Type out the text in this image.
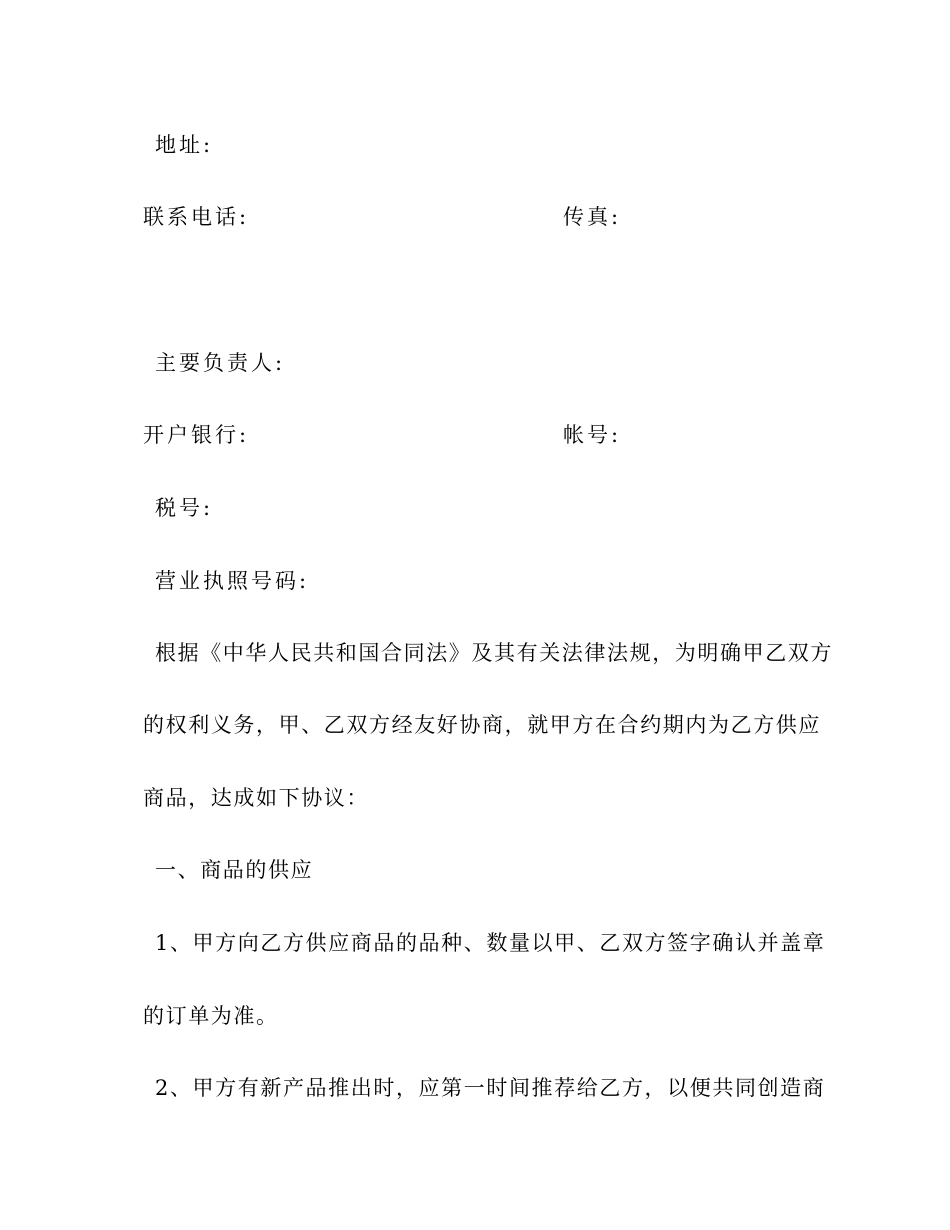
地址:
联系电话:	传真:
主要负责人:
开户银行:	帐号:
税号:
营业执照号码:
根据《中华人民共和国合同法》及其有关法律法规，为明确甲乙双方
的权利义务，甲、乙双方经友好协商，就甲方在合约期内为乙方供应
商品，达成如下协议：
一、商品的供应
1、甲方向乙方供应商品的品种、数量以甲、乙双方签字确认并盖章
的订单为准。
2、甲方有新产品推出时，应第一时间推荐给乙方，以便共同创造商
